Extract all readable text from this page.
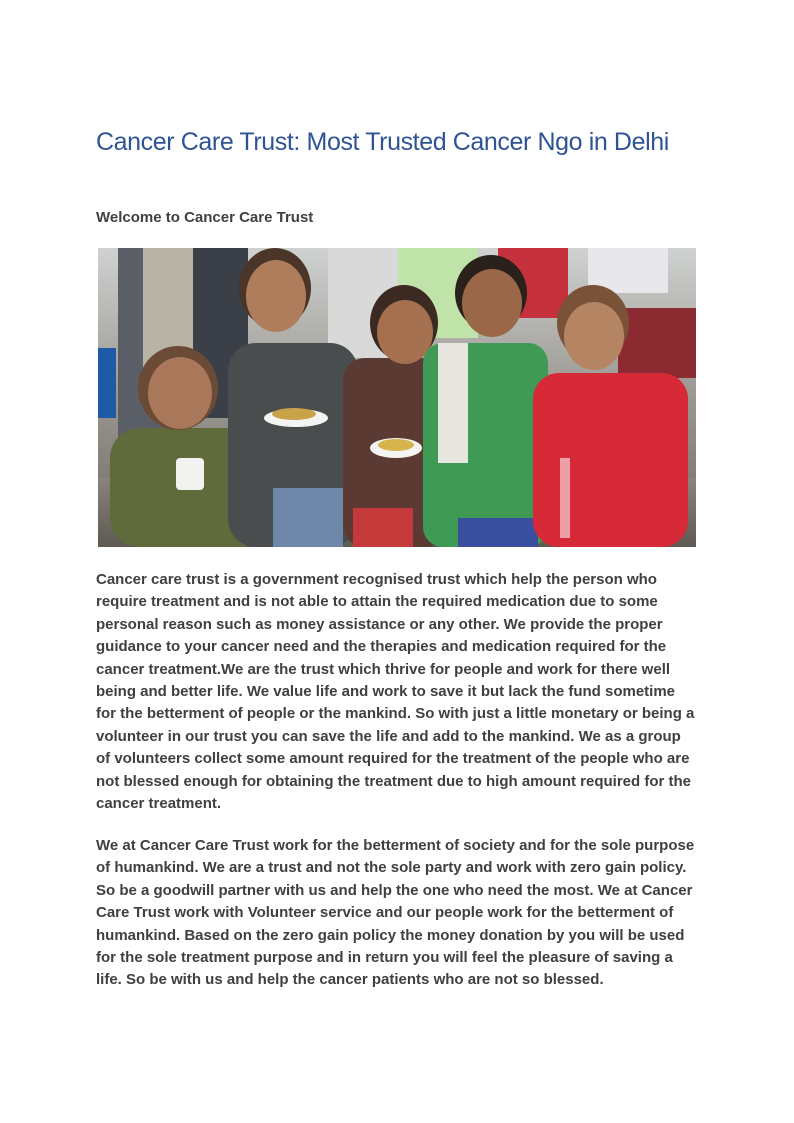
Cancer Care Trust: Most Trusted Cancer Ngo in Delhi
Welcome to Cancer Care Trust

Cancer care trust is a government recognised trust which help the person who require treatment and is not able to attain the required medication due to some personal reason such as money assistance or any other. We provide the proper guidance to your cancer need and the therapies and medication required for the cancer treatment.We are the trust which thrive for people and work for there well being and better life. We value life and work to save it but lack the fund sometime for the betterment of people or the mankind. So with just a little monetary or being a volunteer in our trust you can save the life and add to the mankind. We as a group of volunteers collect some amount required for the treatment of the people who are not blessed enough for obtaining the treatment due to high amount required for the cancer treatment.

We at Cancer Care Trust work for the betterment of society and for the sole purpose of humankind. We are a trust and not the sole party and work with zero gain policy. So be a goodwill partner with us and help the one who need the most. We at Cancer Care Trust work with Volunteer service and our people work for the betterment of humankind. Based on the zero gain policy the money donation by you will be used for the sole treatment purpose and in return you will feel the pleasure of saving a life. So be with us and help the cancer patients who are not so blessed.
